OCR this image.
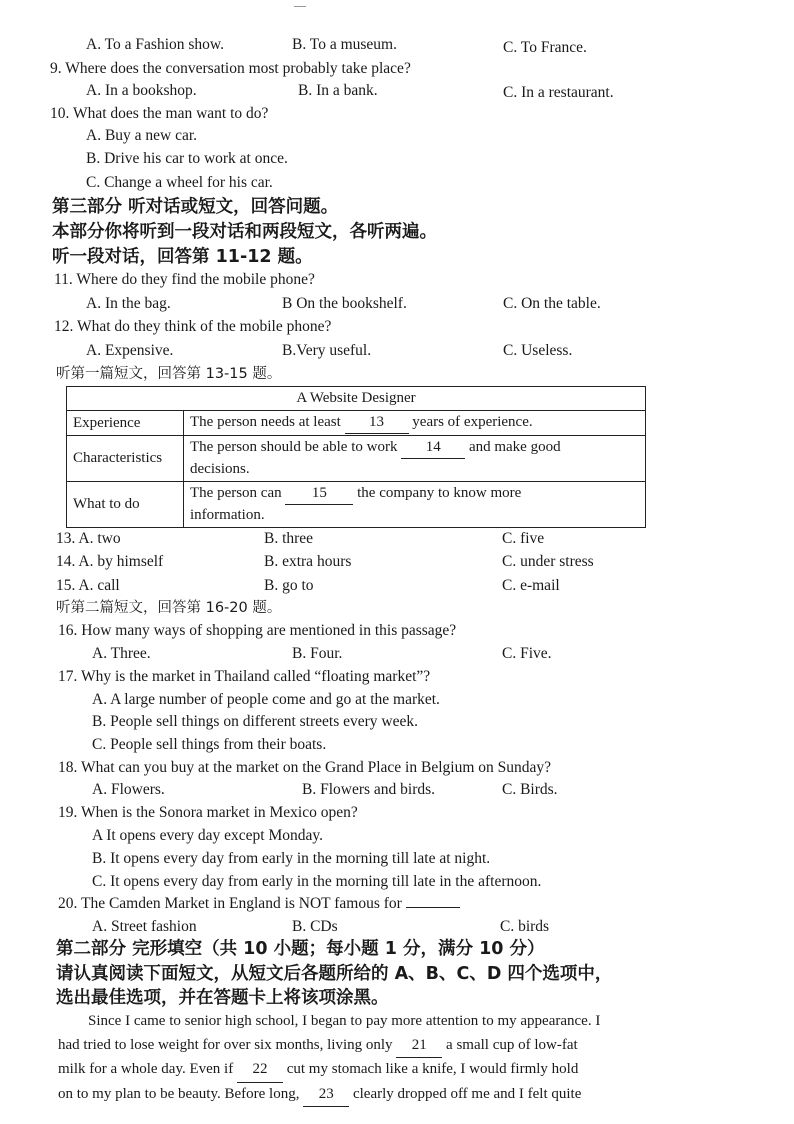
A. To a Fashion show.	B. To a museum.	C. To France.
9. Where does the conversation most probably take place?
A. In a bookshop.	B. In a bank.	C. In a restaurant.
10. What does the man want to do?
A. Buy a new car.
B. Drive his car to work at once.
C. Change a wheel for his car.
第三部分 听对话或短文，回答问题。
本部分你将听到一段对话和两段短文，各听两遍。
听一段对话，回答第 11-12 题。
11. Where do they find the mobile phone?
A. In the bag.	B On the bookshelf.	C. On the table.
12. What do they think of the mobile phone?
A. Expensive.	B.Very useful.	C. Useless.
听第一篇短文，回答第 13-15 题。
A Website Designer	
Experience	The person needs at least 13 years of experience.
Characteristics	The person should be able to work 14 and make good
decisions.
What to do	The person can 15 the company to know more
information.
13. A. two	B. three	C. five
14. A. by himself	B. extra hours	C. under stress
15. A. call	B. go to	C. e-mail
听第二篇短文，回答第 16-20 题。
16. How many ways of shopping are mentioned in this passage?
A. Three.	B. Four.	C. Five.
17. Why is the market in Thailand called “floating market”?
A. A large number of people come and go at the market.
B. People sell things on different streets every week.
C. People sell things from their boats.
18. What can you buy at the market on the Grand Place in Belgium on Sunday?
A. Flowers.	B. Flowers and birds.	C. Birds.
19. When is the Sonora market in Mexico open?
A It opens every day except Monday.
B. It opens every day from early in the morning till late at night.
C. It opens every day from early in the morning till late in the afternoon.
20. The Camden Market in England is NOT famous for
A. Street fashion	B. CDs	C. birds
第二部分 完形填空（共 10 小题；每小题 1 分，满分 10 分）
请认真阅读下面短文，从短文后各题所给的 A、B、C、D 四个选项中，
选出最佳选项，并在答题卡上将该项涂黑。
Since I came to senior high school, I began to pay more attention to my appearance. I
had tried to lose weight for over six months, living only 21 a small cup of low-fat
milk for a whole day. Even if 22 cut my stomach like a knife, I would firmly hold
on to my plan to be beauty. Before long, 23 clearly dropped off me and I felt quite
